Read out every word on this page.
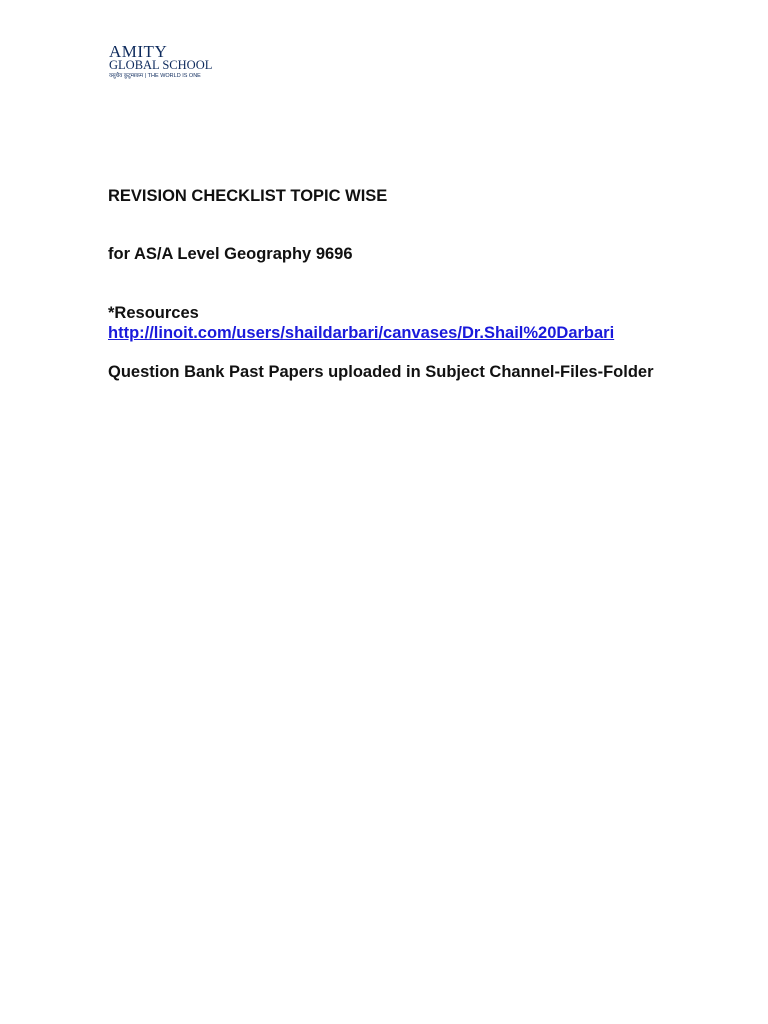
AMITY
GLOBAL SCHOOL
वसुधैव कुटुम्बकम | THE WORLD IS ONE
REVISION CHECKLIST TOPIC WISE
for AS/A Level Geography 9696
*Resources
http://linoit.com/users/shaildarbari/canvases/Dr.Shail%20Darbari
Question Bank Past Papers uploaded in Subject Channel-Files-Folder
